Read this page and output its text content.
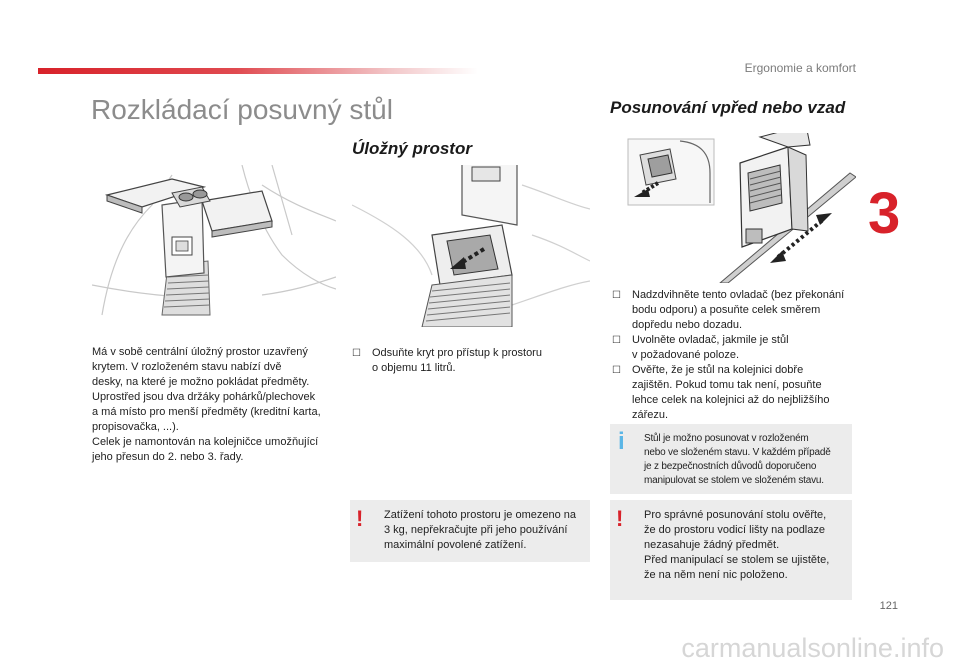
Ergonomie a komfort
3
Rozkládací posuvný stůl
Úložný prostor
Posunování vpřed nebo vzad
Má v sobě centrální úložný prostor uzavřený
krytem. V rozloženém stavu nabízí dvě
desky, na které je možno pokládat předměty.
Uprostřed jsou dva držáky pohárků/plechovek
a má místo pro menší předměty (kreditní karta,
propisovačka, ...).
Celek je namontován na kolejničce umožňující
jeho přesun do 2. nebo 3. řady.
☐	Odsuňte kryt pro přístup k prostoru
o objemu 11 litrů.
☐	Nadzdvihněte tento ovladač (bez překonání
bodu odporu) a posuňte celek směrem
dopředu nebo dozadu.
☐	Uvolněte ovladač, jakmile je stůl
v požadované poloze.
☐	Ověřte, že je stůl na kolejnici dobře
zajištěn. Pokud tomu tak není, posuňte
lehce celek na kolejnici až do nejbližšího
zářezu.
i Stůl je možno posunovat v rozloženém
nebo ve složeném stavu. V každém případě
je z bezpečnostních důvodů doporučeno
manipulovat se stolem ve složeném stavu.
! Zatížení tohoto prostoru je omezeno na
3 kg, nepřekračujte při jeho používání
maximální povolené zatížení.
! Pro správné posunování stolu ověřte,
že do prostoru vodicí lišty na podlaze
nezasahuje žádný předmět.
Před manipulací se stolem se ujistěte,
že na něm není nic položeno.
121
carmanualsonline.info
